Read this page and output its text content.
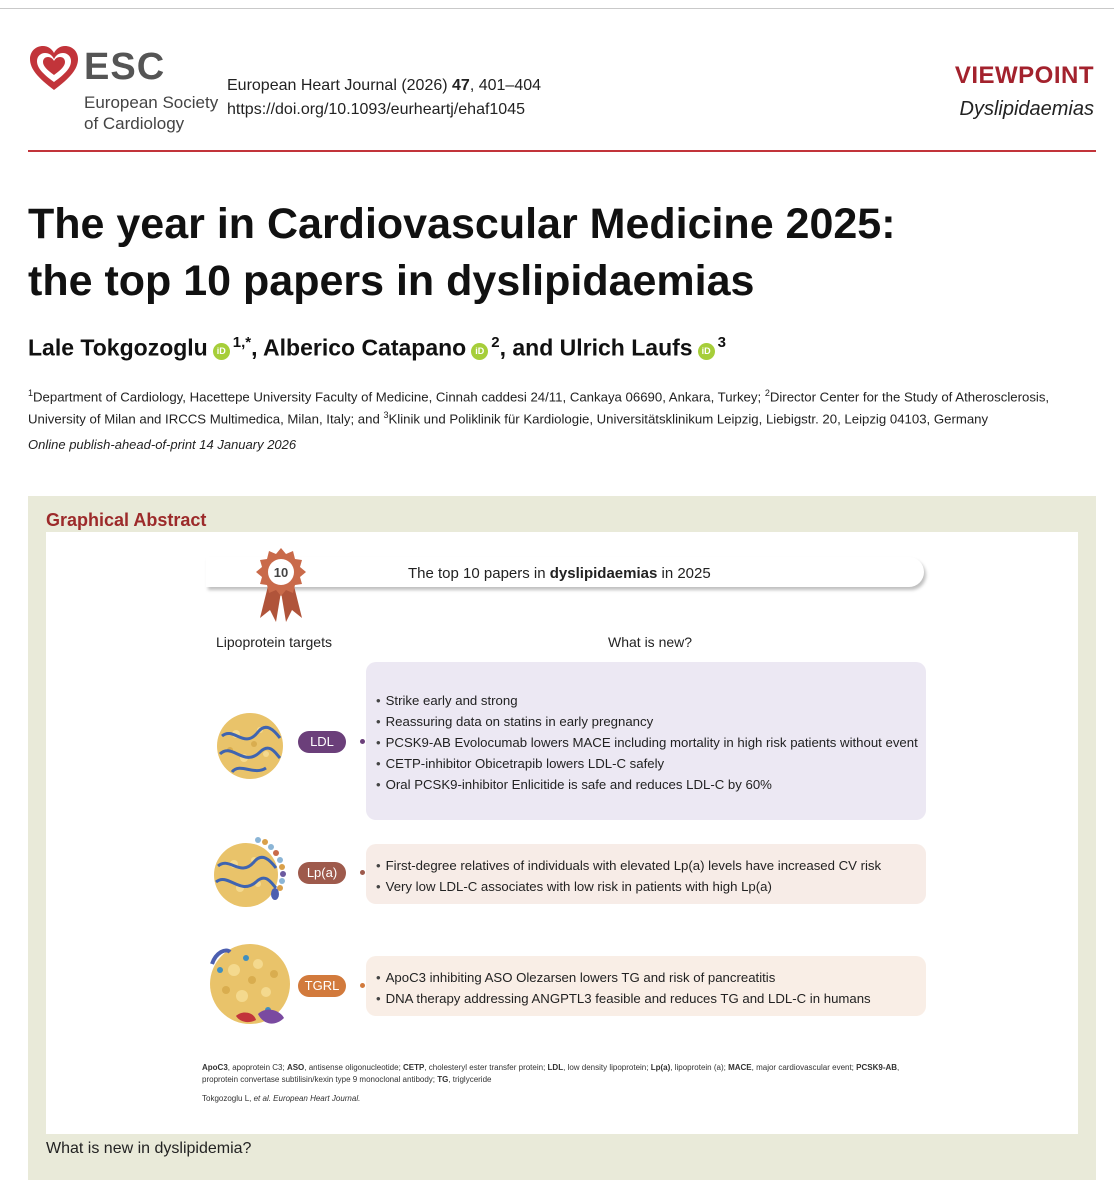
ESC
European Society
of Cardiology
European Heart Journal (2026) 47, 401–404
https://doi.org/10.1093/eurheartj/ehaf1045
VIEWPOINT
Dyslipidaemias
The year in Cardiovascular Medicine 2025:
the top 10 papers in dyslipidaemias
Lale Tokgozoglu iD $^{1,*}$, Alberico Catapano iD $^2$, and Ulrich Laufs iD $^3$
$^1$Department of Cardiology, Hacettepe University Faculty of Medicine, Cinnah caddesi 24/11, Cankaya 06690, Ankara, Turkey; $^2$Director Center for the Study of Atherosclerosis, University of Milan and IRCCS Multimedica, Milan, Italy; and $^3$Klinik und Poliklinik für Kardiologie, Universitätsklinikum Leipzig, Liebigstr. 20, Leipzig 04103, Germany
Online publish-ahead-of-print 14 January 2026
Graphical Abstract
10	The top 10 papers in dyslipidaemias in 2025
Lipoprotein targets	What is new?
LDL
• Strike early and strong
• Reassuring data on statins in early pregnancy
• PCSK9-AB Evolocumab lowers MACE including mortality in high risk patients without event
• CETP-inhibitor Obicetrapib lowers LDL-C safely
• Oral PCSK9-inhibitor Enlicitide is safe and reduces LDL-C by 60%
Lp(a)
•	First-degree relatives of individuals with elevated Lp(a) levels have increased CV risk
• Very low LDL-C associates with low risk in patients with high Lp(a)
TGRL
• ApoC3 inhibiting ASO Olezarsen lowers TG and risk of pancreatitis
• DNA therapy addressing ANGPTL3 feasible and reduces TG and LDL-C in humans
ApoC3, apoprotein C3; ASO, antisense oligonucleotide; CETP, cholesteryl ester transfer protein; LDL, low density lipoprotein; Lp(a), lipoprotein (a); MACE, major cardiovascular event; PCSK9-AB, proprotein convertase subtilisin/kexin type 9 monoclonal antibody; TG, triglyceride
Tokgozoglu L, et al. European Heart Journal.
What is new in dyslipidemia?
